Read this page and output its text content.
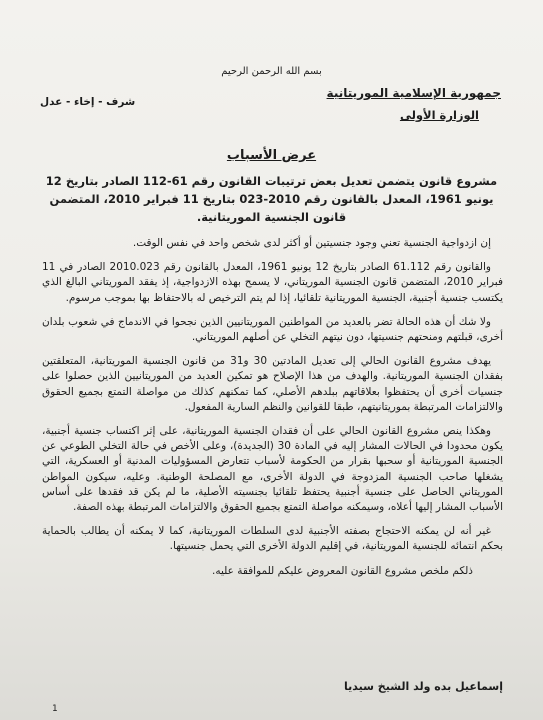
بسم الله الرحمن الرحيم
جمهورية الإسلامية الموريتانية
شرف - إخاء - عدل
الوزارة الأولى
عرض الأسباب
مشروع قانون يتضمن تعديل بعض ترتيبات القانون رقم 61-112 الصادر بتاريخ 12 يونيو 1961، المعدل بالقانون رقم 2010-023 بتاريخ 11 فبراير 2010، المتضمن قانون الجنسية الموريتانية.

إن ازدواجية الجنسية تعني وجود جنسيتين أو أكثر لدى شخص واحد في نفس الوقت.

والقانون رقم 61.112 الصادر بتاريخ 12 يونيو 1961، المعدل بالقانون رقم 2010.023 الصادر في 11 فبراير 2010، المتضمن قانون الجنسية الموريتاني، لا يسمح بهذه الازدواجية، إذ يفقد الموريتاني البالغ الذي يكتسب جنسية أجنبية، الجنسية الموريتانية تلقائيا، إذا لم يتم الترخيص له بالاحتفاظ بها بموجب مرسوم.

ولا شك أن هذه الحالة تضر بالعديد من المواطنين الموريتانيين الذين نجحوا في الاندماج في شعوب بلدان أخرى، قبلتهم ومنحتهم جنسيتها، دون نيتهم التخلي عن أصلهم الموريتاني.

يهدف مشروع القانون الحالي إلى تعديل المادتين 30 و31 من قانون الجنسية الموريتانية، المتعلقتين بفقدان الجنسية الموريتانية. والهدف من هذا الإصلاح هو تمكين العديد من الموريتانيين الذين حصلوا على جنسيات أخرى أن يحتفظوا بعلاقاتهم ببلدهم الأصلي، كما تمكنهم كذلك من مواصلة التمتع بجميع الحقوق والالتزامات المرتبطة بموريتانيتهم، طبقا للقوانين والنظم السارية المفعول.

وهكذا ينص مشروع القانون الحالي على أن فقدان الجنسية الموريتانية، على إثر اكتساب جنسية أجنبية، يكون محدودا في الحالات المشار إليه في المادة 30 (الجديدة)، وعلى الأخص في حالة التخلي الطوعي عن الجنسية الموريتانية أو سحبها بقرار من الحكومة لأسباب تتعارض المسؤوليات المدنية أو العسكرية، التي يشغلها صاحب الجنسية المزدوجة في الدولة الأخرى، مع المصلحة الوطنية. وعليه، سيكون المواطن الموريتاني الحاصل على جنسية أجنبية يحتفظ تلقائيا بجنسيته الأصلية، ما لم يكن قد فقدها على أساس الأسباب المشار إليها أعلاه، وسيمكنه مواصلة التمتع بجميع الحقوق والالتزامات المرتبطة بهذه الصفة.

غير أنه لن يمكنه الاحتجاج بصفته الأجنبية لدى السلطات الموريتانية، كما لا يمكنه أن يطالب بالحماية بحكم انتمائه للجنسية الموريتانية، في إقليم الدولة الأخرى التي يحمل جنسيتها.

ذلكم ملخص مشروع القانون المعروض عليكم للموافقة عليه.

إسماعيل بده ولد الشيخ سيديا
1
